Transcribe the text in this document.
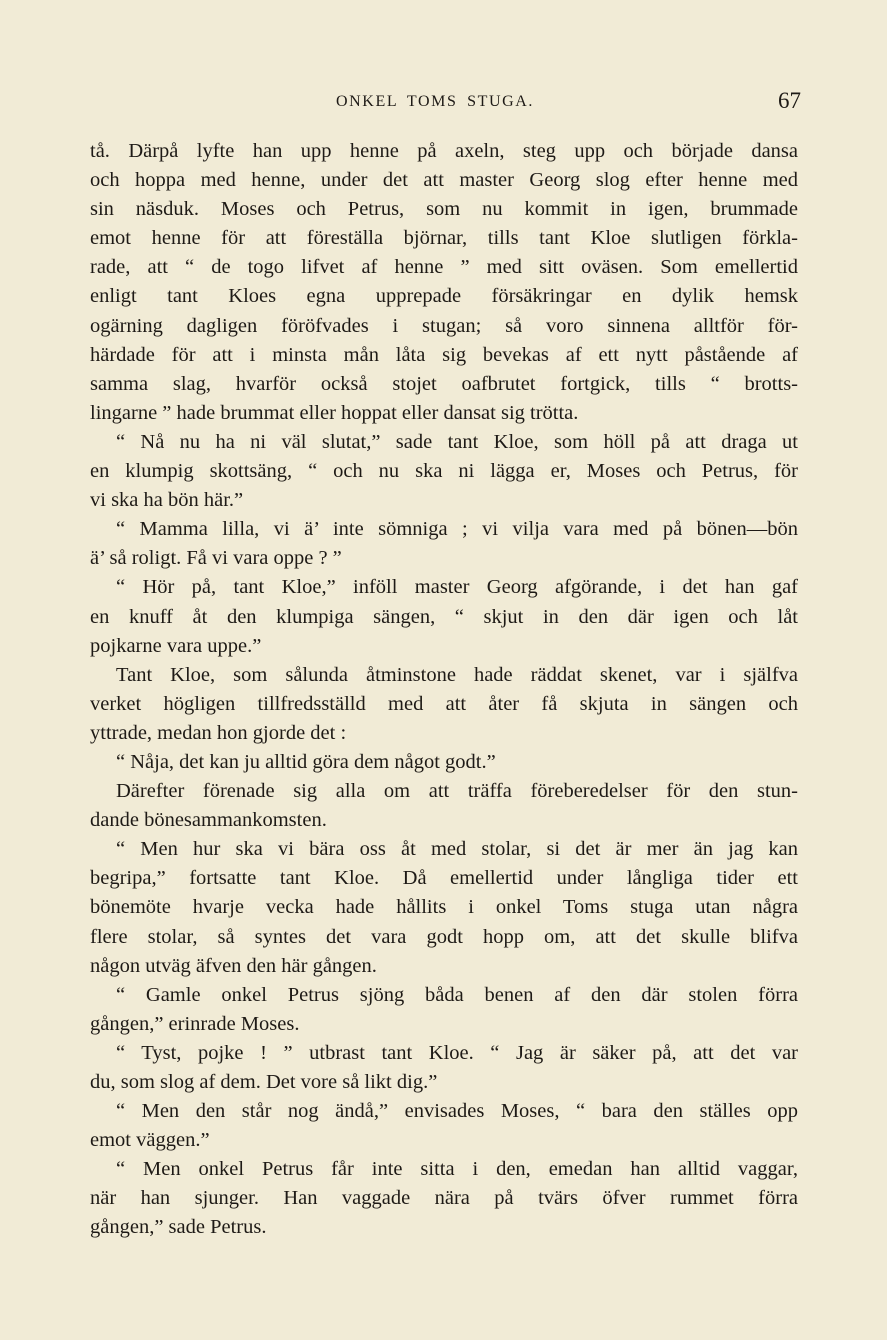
ONKEL TOMS STUGA.	67
tå. Därpå lyfte han upp henne på axeln, steg upp och började dansa
och hoppa med henne, under det att master Georg slog efter henne med
sin näsduk. Moses och Petrus, som nu kommit in igen, brummade
emot henne för att föreställa björnar, tills tant Kloe slutligen förkla-
rade, att “ de togo lifvet af henne ” med sitt oväsen. Som emellertid
enligt tant Kloes egna upprepade försäkringar en dylik hemsk
ogärning dagligen föröfvades i stugan; så voro sinnena alltför för-
härdade för att i minsta mån låta sig bevekas af ett nytt påstående af
samma slag, hvarför också stojet oafbrutet fortgick, tills “ brotts-
lingarne ” hade brummat eller hoppat eller dansat sig trötta.
“ Nå nu ha ni väl slutat,” sade tant Kloe, som höll på att draga ut
en klumpig skottsäng, “ och nu ska ni lägga er, Moses och Petrus, för
vi ska ha bön här.”
“ Mamma lilla, vi ä’ inte sömniga ; vi vilja vara med på bönen—bön
ä’ så roligt. Få vi vara oppe ? ”
“ Hör på, tant Kloe,” inföll master Georg afgörande, i det han gaf
en knuff åt den klumpiga sängen, “ skjut in den där igen och låt
pojkarne vara uppe.”
Tant Kloe, som sålunda åtminstone hade räddat skenet, var i själfva
verket högligen tillfredsställd med att åter få skjuta in sängen och
yttrade, medan hon gjorde det :
“ Nåja, det kan ju alltid göra dem något godt.”
Därefter förenade sig alla om att träffa föreberedelser för den stun-
dande bönesammankomsten.
“ Men hur ska vi bära oss åt med stolar, si det är mer än jag kan
begripa,” fortsatte tant Kloe. Då emellertid under långliga tider ett
bönemöte hvarje vecka hade hållits i onkel Toms stuga utan några
flere stolar, så syntes det vara godt hopp om, att det skulle blifva
någon utväg äfven den här gången.
“ Gamle onkel Petrus sjöng båda benen af den där stolen förra
gången,” erinrade Moses.
“ Tyst, pojke ! ” utbrast tant Kloe. “ Jag är säker på, att det var
du, som slog af dem. Det vore så likt dig.”
“ Men den står nog ändå,” envisades Moses, “ bara den ställes opp
emot väggen.”
“ Men onkel Petrus får inte sitta i den, emedan han alltid vaggar,
när han sjunger. Han vaggade nära på tvärs öfver rummet förra
gången,” sade Petrus.
